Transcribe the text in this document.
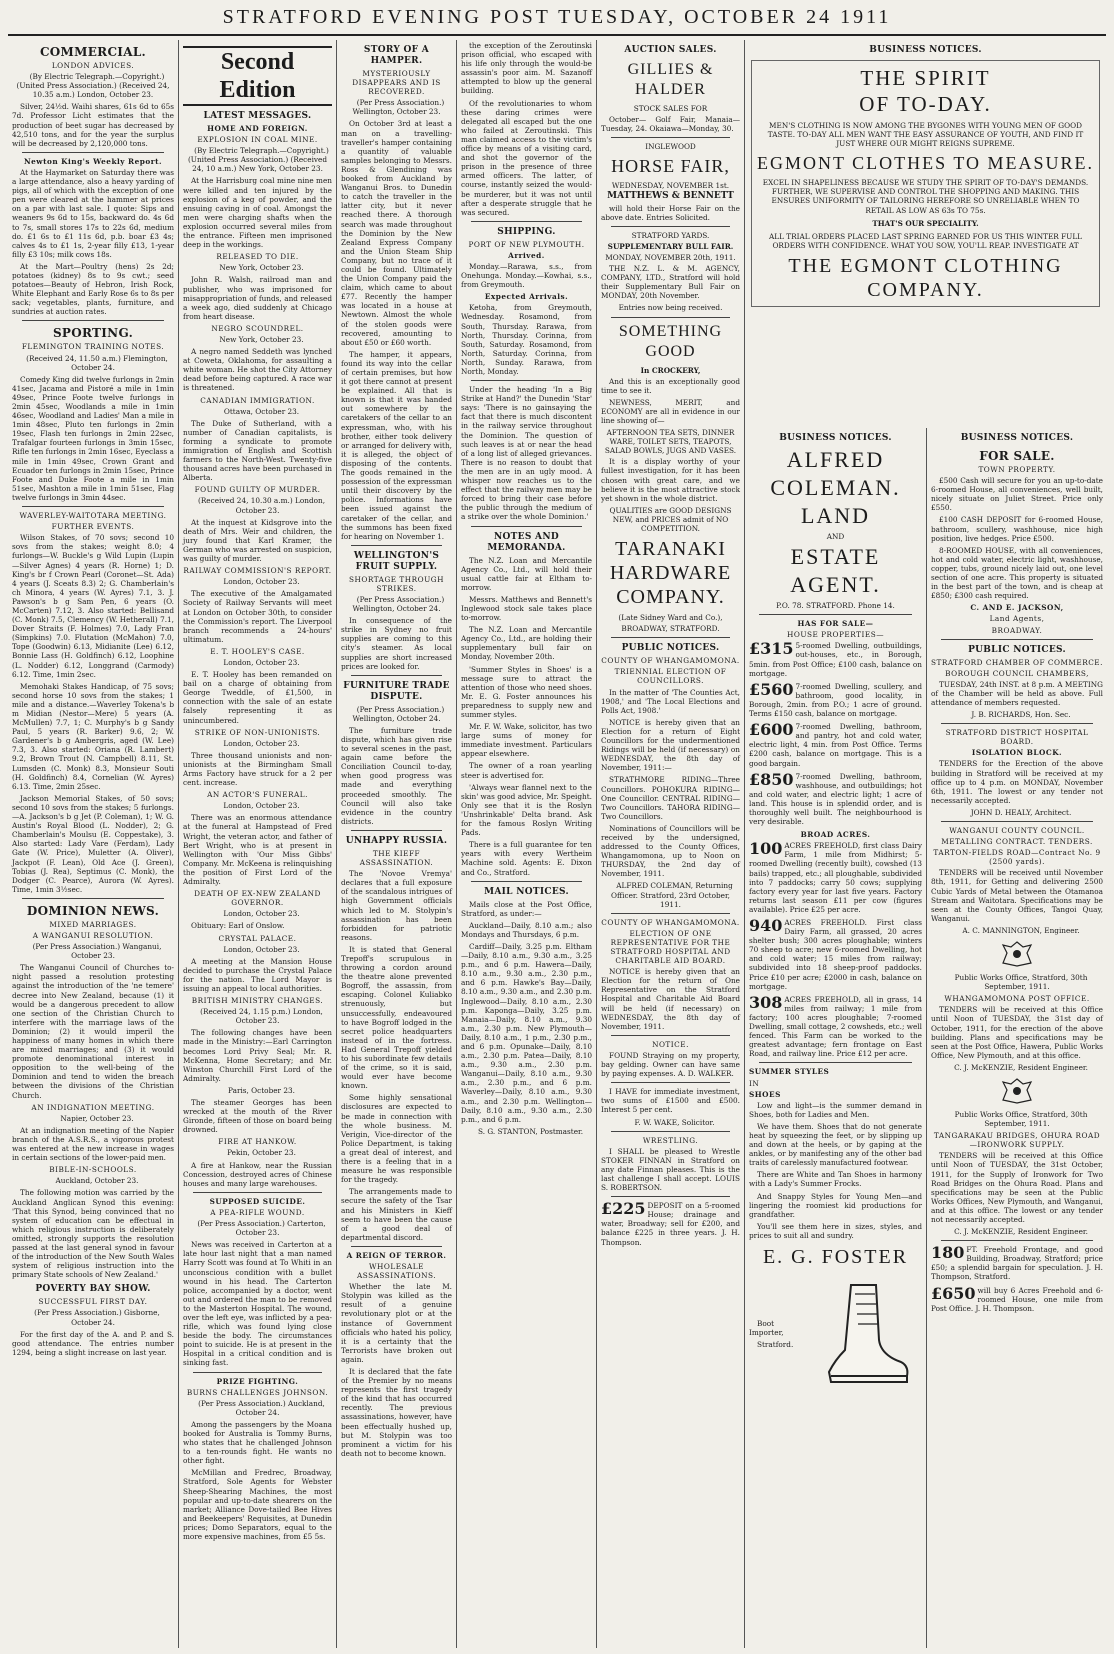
STRATFORD EVENING POST TUESDAY, OCTOBER 24 1911
COMMERCIAL.
LONDON ADVICES.
(By Electric Telegraph.—Copyright.) (United Press Association.) (Received 24, 10.35 a.m.) London, October 23.
Silver, 24½d. Waihi shares, 61s 6d to 65s 7d. Professor Licht estimates that the production of beet sugar has decreased by 42,510 tons, and for the year the surplus will be decreased by 2,120,000 tons.
Newton King's Weekly Report.
At the Haymarket on Saturday there was a large attendance, also a heavy yarding of pigs, all of which with the exception of one pen were cleared at the hammer at prices on a par with last sale. I quote: Sips and weaners 9s 6d to 15s, backward do. 4s 6d to 7s, small stores 17s to 22s 6d, medium do. £1 6s to £1 11s 6d, p.b. boar £3 4s; calves 4s to £1 1s, 2-year filly £13, 1-year filly £3 10s; milk cows 18s.
At the Mart—Poultry (hens) 2s 2d; potatoes (kidney) 8s to 9s cwt.; seed potatoes—Beauty of Hebron, Irish Rock, White Elephant and Early Rose 6s to 8s per sack; vegetables, plants, furniture, and sundries at auction rates.
SPORTING.
FLEMINGTON TRAINING NOTES.
(Received 24, 11.50 a.m.) Flemington, October 24.
Comedy King did twelve furlongs in 2min 41sec, Jacama and Pistoré a mile in 1min 49sec, Prince Foote twelve furlongs in 2min 45sec, Woodlands a mile in 1min 46sec, Woodland and Ladies' Man a mile in 1min 48sec, Pluto ten furlongs in 2min 19sec, Flash ten furlongs in 2min 22sec, Trafalgar fourteen furlongs in 3min 15sec, Rifle ten furlongs in 2min 16sec, Eyeclass a mile in 1min 49sec, Crown Grant and Ecuador ten furlongs in 2min 15sec, Prince Foote and Duke Foote a mile in 1min 51sec, Mashton a mile in 1min 51sec, Flag twelve furlongs in 3min 44sec.
WAVERLEY-WAITOTARA MEETING.
FURTHER EVENTS.
Wilson Stakes, of 70 sovs; second 10 sovs from the stakes; weight 8.0; 4 furlongs—W. Buckle's g Wild Lupin (Lupin—Silver Agnes) 4 years (R. Horne) 1; D. King's br f Crown Pearl (Coronet—St. Ada) 4 years (J. Sceats 8.3) 2; G. Chamberlain's ch Minora, 4 years (W. Ayres) 7.1, 3. J. Pawson's b g Sam Pen, 6 years (O. McCarten) 7.12, 3. Also started: Bellisand (C. Monk) 7.5, Clemency (W. Hetherall) 7.1, Dover Straits (F. Holmes) 7.0, Lady Fran (Simpkins) 7.0. Flutation (McMahon) 7.0, Tope (Goodwin) 6.13, Midianite (Lee) 6.12, Bonnie Lass (H. Goldfinch) 6.12, Loophine (L. Nodder) 6.12, Longgrand (Carmody) 6.12. Time, 1min 2sec.
Memohaki Stakes Handicap, of 75 sovs; second horse 10 sovs from the stakes; 1 mile and a distance.—Waverley Tokena's b m Midian (Nestor—Mere) 5 years (A. McMullen) 7.7, 1; C. Murphy's b g Sandy Paul, 5 years (R. Barker) 9.6, 2; W. Gardener's b g Ambergris, aged (W. Lee) 7.3, 3. Also started: Oriana (R. Lambert) 9.2, Brown Trout (N. Campbell) 8.11, St. Lumsden (C. Monk) 8.3, Monsieur Souti (H. Goldfinch) 8.4, Cornelian (W. Ayres) 6.13. Time, 2min 25sec.
Jackson Memorial Stakes, of 50 sovs; second 10 sovs from the stakes; 5 furlongs.—A. Jackson's b g Jet (P. Coleman), 1; W. G. Austin's Royal Blood (L. Nodder), 2; G. Chamberlain's Moulsu (E. Coppestake), 3. Also started: Lady Vare (Ferdam), Lady Gate (W. Price), Muletter (A. Oliver), Jackpot (F. Lean), Old Ace (J. Green), Tobias (J. Rea), Septimus (C. Monk), the Dodger (C. Pearce), Aurora (W. Ayres). Time, 1min 3½sec.
DOMINION NEWS.
MIXED MARRIAGES.
A WANGANUI RESOLUTION.
(Per Press Association.) Wanganui, October 23.
The Wanganui Council of Churches to-night passed a resolution protesting against the introduction of the 'ne temere' decree into New Zealand, because (1) it would be a dangerous precedent to allow one section of the Christian Church to interfere with the marriage laws of the Dominion; (2) it would imperil the happiness of many homes in which there are mixed marriages; and (3) it would promote denominational interest in opposition to the well-being of the Dominion and tend to widen the breach between the divisions of the Christian Church.
AN INDIGNATION MEETING.
Napier, October 23.
At an indignation meeting of the Napier branch of the A.S.R.S., a vigorous protest was entered at the new increase in wages in certain sections of the lower-paid men.
BIBLE-IN-SCHOOLS.
Auckland, October 23.
The following motion was carried by the Auckland Anglican Synod this evening: 'That this Synod, being convinced that no system of education can be effectual in which religious instruction is deliberately omitted, strongly supports the resolution passed at the last general synod in favour of the introduction of the New South Wales system of religious instruction into the primary State schools of New Zealand.'
POVERTY BAY SHOW.
SUCCESSFUL FIRST DAY.
(Per Press Association.) Gisborne, October 24.
For the first day of the A. and P. and S. good attendance. The entries number 1294, being a slight increase on last year.
Second Edition
LATEST MESSAGES.
HOME AND FOREIGN.
EXPLOSION IN COAL MINE.
(By Electric Telegraph.—Copyright.) (United Press Association.) (Received 24, 10 a.m.) New York, October 23.
At the Harrisburg coal mine nine men were killed and ten injured by the explosion of a keg of powder, and the ensuing caving in of coal. Amongst the men were charging shafts when the explosion occurred several miles from the entrance. Fifteen men imprisoned deep in the workings.
RELEASED TO DIE.
New York, October 23.
John R. Walsh, railroad man and publisher, who was imprisoned for misappropriation of funds, and released a week ago, died suddenly at Chicago from heart disease.
NEGRO SCOUNDREL.
New York, October 23.
A negro named Seddeth was lynched at Coweta, Oklahoma, for assaulting a white woman. He shot the City Attorney dead before being captured. A race war is threatened.
CANADIAN IMMIGRATION.
Ottawa, October 23.
The Duke of Sutherland, with a number of Canadian capitalists, is forming a syndicate to promote immigration of English and Scottish farmers to the North-West. Twenty-five thousand acres have been purchased in Alberta.
FOUND GUILTY OF MURDER.
(Received 24, 10.30 a.m.) London, October 23.
At the inquest at Kidsgrove into the death of Mrs. Weir and children, the jury found that Karl Kramer, the German who was arrested on suspicion, was guilty of murder.
RAILWAY COMMISSION'S REPORT.
London, October 23.
The executive of the Amalgamated Society of Railway Servants will meet at London on October 30th, to consider the Commission's report. The Liverpool branch recommends a 24-hours' ultimatum.
E. T. HOOLEY'S CASE.
London, October 23.
E. T. Hooley has been remanded on bail on a charge of obtaining from George Tweddle, of £1,500, in connection with the sale of an estate falsely representing it as unincumbered.
STRIKE OF NON-UNIONISTS.
London, October 23.
Three thousand unionists and non-unionists at the Birmingham Small Arms Factory have struck for a 2 per cent. increase.
AN ACTOR'S FUNERAL.
London, October 23.
There was an enormous attendance at the funeral at Hampstead of Fred Wright, the veteran actor, and father of Bert Wright, who is at present in Wellington with 'Our Miss Gibbs' Company. Mr. McKeena is relinquishing the position of First Lord of the Admiralty.
DEATH OF EX-NEW ZEALAND GOVERNOR.
London, October 23.
Obituary: Earl of Onslow.
CRYSTAL PALACE.
London, October 23.
A meeting at the Mansion House decided to purchase the Crystal Palace for the nation. The Lord Mayor is issuing an appeal to local authorities.
BRITISH MINISTRY CHANGES.
(Received 24, 1.15 p.m.) London, October 23.
The following changes have been made in the Ministry:—Earl Carrington becomes Lord Privy Seal; Mr. R. McKenna, Home Secretary; and Mr. Winston Churchill First Lord of the Admiralty.
Paris, October 23.
The steamer Georges has been wrecked at the mouth of the River Gironde, fifteen of those on board being drowned.
FIRE AT HANKOW.
Pekin, October 23.
A fire at Hankow, near the Russian Concession, destroyed acres of Chinese houses and many large warehouses.
SUPPOSED SUICIDE.
A PEA-RIFLE WOUND.
(Per Press Association.) Carterton, October 23.
News was received in Carterton at a late hour last night that a man named Harry Scott was found at To Whiti in an unconscious condition with a bullet wound in his head. The Carterton police, accompanied by a doctor, went out and ordered the man to be removed to the Masterton Hospital. The wound, over the left eye, was inflicted by a pea-rifle, which was found lying close beside the body. The circumstances point to suicide. He is at present in the Hospital in a critical condition and is sinking fast.
PRIZE FIGHTING.
BURNS CHALLENGES JOHNSON.
(Per Press Association.) Auckland, October 24.
Among the passengers by the Moana booked for Australia is Tommy Burns, who states that he challenged Johnson to a ten-rounds fight. He wants no other fight.
McMillan and Fredrec, Broadway, Stratford, Sole Agents for Webster Sheep-Shearing Machines, the most popular and up-to-date shearers on the market; Alliance Dove-tailed Bee Hives and Beekeepers' Requisites, at Dunedin prices; Domo Separators, equal to the more expensive machines, from £5 5s.
STORY OF A HAMPER.
MYSTERIOUSLY DISAPPEARS AND IS RECOVERED.
(Per Press Association.) Wellington, October 23.
On October 3rd at least a man on a travelling-traveller's hamper containing a quantity of valuable samples belonging to Messrs. Ross & Glendining was booked from Auckland by Wanganui Bros. to Dunedin to catch the traveller in the latter city, but it never reached there. A thorough search was made throughout the Dominion by the New Zealand Express Company and the Union Steam Ship Company, but no trace of it could be found. Ultimately the Union Company paid the claim, which came to about £77. Recently the hamper was located in a house at Newtown. Almost the whole of the stolen goods were recovered, amounting to about £50 or £60 worth.
The hamper, it appears, found its way into the cellar of certain premises, but how it got there cannot at present be explained. All that is known is that it was handed out somewhere by the caretakers of the cellar to an expressman, who, with his brother, either took delivery or arranged for delivery with, it is alleged, the object of disposing of the contents. The goods remained in the possession of the expressman until their discovery by the police. Informations have been issued against the caretaker of the cellar, and the summons has been fixed for hearing on November 1.
WELLINGTON'S FRUIT SUPPLY.
SHORTAGE THROUGH STRIKES.
(Per Press Association.) Wellington, October 24.
In consequence of the strike in Sydney no fruit supplies are coming to this city's steamer. As local supplies are short increased prices are looked for.
FURNITURE TRADE DISPUTE.
(Per Press Association.) Wellington, October 24.
The furniture trade dispute, which has given rise to several scenes in the past, again came before the Conciliation Council to-day, when good progress was made and everything proceeded smoothly. The Council will also take evidence in the country districts.
UNHAPPY RUSSIA.
THE KIEFF ASSASSINATION.
The 'Novoe Vremya' declares that a full exposure of the scandalous intrigues of high Government officials which led to M. Stolypin's assassination has been forbidden for patriotic reasons.
It is stated that General Trepoff's scrupulous in throwing a cordon around the theatre alone prevented Bogroff, the assassin, from escaping. Colonel Kuliabko strenuously, but unsuccessfully, endeavoured to have Bogroff lodged in the secret police headquarters instead of in the fortress. Had General Trepoff yielded to his subordinate few details of the crime, so it is said, would ever have become known.
Some highly sensational disclosures are expected to be made in connection with the whole business. M. Verigin, Vice-director of the Police Department, is taking a great deal of interest, and there is a feeling that in a measure he was responsible for the tragedy.
The arrangements made to secure the safety of the Tsar and his Ministers in Kieff seem to have been the cause of a good deal of departmental discord.
A REIGN OF TERROR.
WHOLESALE ASSASSINATIONS.
Whether the late M. Stolypin was killed as the result of a genuine revolutionary plot or at the instance of Government officials who hated his policy, it is a certainty that the Terrorists have broken out again.
It is declared that the fate of the Premier by no means represents the first tragedy of the kind that has occurred recently. The previous assassinations, however, have been effectually hushed up, but M. Stolypin was too prominent a victim for his death not to become known.
the exception of the Zeroutinski prison official, who escaped with his life only through the would-be assassin's poor aim. M. Sazanoff attempted to blow up the general building.
Of the revolutionaries to whom these daring crimes were delegated all escaped but the one who failed at Zeroutinski. This man claimed access to the victim's office by means of a visiting card, and shot the governor of the prison in the presence of three armed officers. The latter, of course, instantly seized the would-be murderer, but it was not until after a desperate struggle that he was secured.
SHIPPING.
PORT OF NEW PLYMOUTH.
Arrived.
Monday.—Rarawa, s.s., from Onehunga. Monday.—Kowhai, s.s., from Greymouth.
Expected Arrivals.
Ketoha, from Greymouth, Wednesday. Rosamond, from South, Thursday. Rarawa, from North, Thursday. Corinna, from South, Saturday. Rosamond, from North, Saturday. Corinna, from North, Sunday. Rarawa, from North, Monday.
Under the heading 'In a Big Strike at Hand?' the Dunedin 'Star' says: 'There is no gainsaying the fact that there is much discontent in the railway service throughout the Dominion. The question of such leaves is at or near the head of a long list of alleged grievances. There is no reason to doubt that the men are in an ugly mood. A whisper now reaches us to the effect that the railway men may be forced to bring their case before the public through the medium of a strike over the whole Dominion.'
NOTES AND MEMORANDA.
The N.Z. Loan and Mercantile Agency Co., Ltd., will hold their usual cattle fair at Eltham to-morrow.
Messrs. Matthews and Bennett's Inglewood stock sale takes place to-morrow.
The N.Z. Loan and Mercantile Agency Co., Ltd., are holding their supplementary bull fair on Monday, November 20th.
'Summer Styles in Shoes' is a message sure to attract the attention of those who need shoes. Mr. E. G. Foster announces his preparedness to supply new and summer styles.
Mr. F. W. Wake, solicitor, has two large sums of money for immediate investment. Particulars appear elsewhere.
The owner of a roan yearling steer is advertised for.
'Always wear flannel next to the skin' was good advice, Mr. Speight. Only see that it is the Roslyn 'Unshrinkable' Delta brand. Ask for the famous Roslyn Writing Pads.
There is a full guarantee for ten years with every Wertheim Machine sold. Agents: E. Dixon and Co., Stratford.
MAIL NOTICES.
Mails close at the Post Office, Stratford, as under:—
Auckland—Daily, 8.10 a.m.; also Mondays and Thursdays, 6 p.m.
Cardiff—Daily, 3.25 p.m. Eltham—Daily, 8.10 a.m., 9.30 a.m., 3.25 p.m., and 6 p.m. Hawera—Daily, 8.10 a.m., 9.30 a.m., 2.30 p.m., and 6 p.m. Hawke's Bay—Daily, 8.10 a.m., 9.30 a.m., and 2.30 p.m. Inglewood—Daily, 8.10 a.m., 2.30 p.m. Kaponga—Daily, 3.25 p.m. Manaia—Daily, 8.10 a.m., 9.30 a.m., 2.30 p.m. New Plymouth—Daily, 8.10 a.m., 1 p.m., 2.30 p.m., and 6 p.m. Opunake—Daily, 8.10 a.m., 2.30 p.m. Patea—Daily, 8.10 a.m., 9.30 a.m., 2.30 p.m. Wanganui—Daily, 8.10 a.m., 9.30 a.m., 2.30 p.m., and 6 p.m. Waverley—Daily, 8.10 a.m., 9.30 a.m., and 2.30 p.m. Wellington—Daily, 8.10 a.m., 9.30 a.m., 2.30 p.m., and 6 p.m.
S. G. STANTON, Postmaster.
AUCTION SALES.
GILLIES & HALDER
STOCK SALES FOR
October— Golf Fair, Manaia—Tuesday, 24. Okaiawa—Monday, 30.
INGLEWOOD
HORSE FAIR,
WEDNESDAY, NOVEMBER 1st.
MATTHEWS & BENNETT
will hold their Horse Fair on the above date. Entries Solicited.
STRATFORD YARDS.
SUPPLEMENTARY BULL FAIR.
MONDAY, NOVEMBER 20th, 1911.
THE N.Z. L. & M. AGENCY, COMPANY, LTD., Stratford will hold their Supplementary Bull Fair on MONDAY, 20th November.
Entries now being received.
SOMETHING GOOD
In CROCKERY,
And this is an exceptionally good time to see it.
NEWNESS, MERIT, and ECONOMY are all in evidence in our line showing of—
AFTERNOON TEA SETS, DINNER WARE, TOILET SETS, TEAPOTS, SALAD BOWLS, JUGS AND VASES.
It is a display worthy of your fullest investigation, for it has been chosen with great care, and we believe it is the most attractive stock yet shown in the whole district.
QUALITIES are GOOD DESIGNS NEW, and PRICES admit of NO COMPETITION.
TARANAKI HARDWARE COMPANY.
(Late Sidney Ward and Co.),
BROADWAY, STRATFORD.
PUBLIC NOTICES.
COUNTY OF WHANGAMOMONA.
TRIENNIAL ELECTION OF COUNCILLORS.
In the matter of 'The Counties Act, 1908,' and 'The Local Elections and Polls Act, 1908.'
NOTICE is hereby given that an Election for a return of Eight Councillors for the undermentioned Ridings will be held (if necessary) on WEDNESDAY, the 8th day of November, 1911:—
STRATHMORE RIDING—Three Councillors. POHOKURA RIDING—One Councillor. CENTRAL RIDING—Two Councillors. TAHORA RIDING—Two Councillors.
Nominations of Councillors will be received by the undersigned, addressed to the County Offices, Whangamomona, up to Noon on THURSDAY, the 2nd day of November, 1911.
ALFRED COLEMAN, Returning Officer. Stratford, 23rd October, 1911.
COUNTY OF WHANGAMOMONA.
ELECTION OF ONE REPRESENTATIVE FOR THE STRATFORD HOSPITAL AND CHARITABLE AID BOARD.
NOTICE is hereby given that an Election for the return of One Representative on the Stratford Hospital and Charitable Aid Board will be held (if necessary) on WEDNESDAY, the 8th day of November, 1911.
NOTICE.
FOUND Straying on my property, bay gelding. Owner can have same by paying expenses. A. D. WALKER.
I HAVE for immediate investment, two sums of £1500 and £500. Interest 5 per cent.
F. W. WAKE, Solicitor.
WRESTLING.
I SHALL be pleased to Wrestle STOKER FINNAN in Stratford on any date Finnan pleases. This is the last challenge I shall accept. LOUIS S. ROBERTSON.
£225 DEPOSIT on a 5-roomed House; drainage and water, Broadway; sell for £200, and balance £225 in three years. J. H. Thompson.
BUSINESS NOTICES.
THE SPIRIT
OF TO-DAY.
MEN'S CLOTHING IS NOW AMONG THE BYGONES WITH YOUNG MEN OF GOOD TASTE. TO-DAY ALL MEN WANT THE EASY ASSURANCE OF YOUTH, AND FIND IT JUST WHERE OUR MIGHT REIGNS SUPREME.
EGMONT CLOTHES TO MEASURE.
EXCEL IN SHAPELINESS BECAUSE WE STUDY THE SPIRIT OF TO-DAY'S DEMANDS. FURTHER, WE SUPERVISE AND CONTROL THE SHOPPING AND MAKING. THIS ENSURES UNIFORMITY OF TAILORING HEREFORE SO UNRELIABLE WHEN TO RETAIL AS LOW AS 63s TO 75s.
THAT'S OUR SPECIALITY.
ALL TRIAL ORDERS PLACED LAST SPRING EARNED FOR US THIS WINTER FULL ORDERS WITH CONFIDENCE. WHAT YOU SOW, YOU'LL REAP. INVESTIGATE AT
THE EGMONT CLOTHING COMPANY.
BUSINESS NOTICES.
ALFRED COLEMAN.
LAND
AND
ESTATE
AGENT.
P.O. 78. STRATFORD. Phone 14.
HAS FOR SALE—
HOUSE PROPERTIES—
£315 5-roomed Dwelling, outbuildings, out-houses, etc., in Borough, 5min. from Post Office; £100 cash, balance on mortgage.
£560 7-roomed Dwelling, scullery, and bathroom, good locality, in Borough, 2min. from P.O.; 1 acre of ground. Terms £150 cash, balance on mortgage.
£600 7-roomed Dwelling, bathroom, and pantry, hot and cold water, electric light, 4 min. from Post Office. Terms £200 cash, balance on mortgage. This is a good bargain.
£850 7-roomed Dwelling, bathroom, washhouse, and outbuildings; hot and cold water, and electric light; 1 acre of land. This house is in splendid order, and is thoroughly well built. The neighbourhood is very desirable.
BROAD ACRES.
100 ACRES FREEHOLD, first class Dairy Farm, 1 mile from Midhirst; 5-roomed Dwelling (recently built), cowshed (13 bails) trapped, etc.; all ploughable, subdivided into 7 paddocks; carry 50 cows; supplying factory every year for last five years. Factory returns last season £11 per cow (figures available). Price £25 per acre.
940 ACRES FREEHOLD. First class Dairy Farm, all grassed, 20 acres shelter bush; 300 acres ploughable; winters 70 sheep to acre; new 6-roomed Dwelling, hot and cold water; 15 miles from railway; subdivided into 18 sheep-proof paddocks. Price £10 per acre; £2000 in cash, balance on mortgage.
308 ACRES FREEHOLD, all in grass, 14 miles from railway; 1 mile from factory; 100 acres ploughable; 7-roomed Dwelling, small cottage, 2 cowsheds, etc.; well fenced. This Farm can be worked to the greatest advantage; fern frontage on East Road, and railway line. Price £12 per acre.
SUMMER STYLES
IN
SHOES
Low and light—is the summer demand in Shoes, both for Ladies and Men.
We have them. Shoes that do not generate heat by squeezing the feet, or by slipping up and down at the heels, or by gaping at the ankles, or by manifesting any of the other bad traits of carelessly manufactured footwear.
There are White and Tan Shoes in harmony with a Lady's Summer Frocks.
And Snappy Styles for Young Men—and lingering the roomiest kid productions for grandfather.
You'll see them here in sizes, styles, and prices to suit all and sundry.
E. G. FOSTER
Boot Importer,
Stratford.
BUSINESS NOTICES.
FOR SALE.
TOWN PROPERTY.
£500 Cash will secure for you an up-to-date 6-roomed House, all conveniences, well built, nicely situate on Juliet Street. Price only £550.
£100 CASH DEPOSIT for 6-roomed House, bathroom, scullery, washhouse, nice high position, live hedges. Price £500.
8-ROOMED HOUSE, with all conveniences, hot and cold water, electric light, washhouse, copper, tubs, ground nicely laid out, one level section of one acre. This property is situated in the best part of the town, and is cheap at £850; £300 cash required.
C. AND E. JACKSON,
Land Agents,
BROADWAY.
PUBLIC NOTICES.
STRATFORD CHAMBER OF COMMERCE.
BOROUGH COUNCIL CHAMBERS,
TUESDAY, 24th INST. at 8 p.m. A MEETING of the Chamber will be held as above. Full attendance of members requested.
J. B. RICHARDS, Hon. Sec.
STRATFORD DISTRICT HOSPITAL BOARD.
ISOLATION BLOCK.
TENDERS for the Erection of the above building in Stratford will be received at my office up to 4 p.m. on MONDAY, November 6th, 1911. The lowest or any tender not necessarily accepted.
JOHN D. HEALY, Architect.
WANGANUI COUNTY COUNCIL.
METALLING CONTRACT. TENDERS.
TARTON-FIELDS ROAD—Contract No. 9 (2500 yards).
TENDERS will be received until November 8th, 1911, for Getting and delivering 2500 Cubic Yards of Metal between the Otamanoa Stream and Waitotara. Specifications may be seen at the County Offices, Tangoi Quay, Wanganui.
A. C. MANNINGTON, Engineer.
Public Works Office, Stratford, 30th September, 1911.
WHANGAMOMONA POST OFFICE.
TENDERS will be received at this Office until Noon of TUESDAY, the 31st day of October, 1911, for the erection of the above building. Plans and specifications may be seen at the Post Office, Hawera, Public Works Office, New Plymouth, and at this office.
C. J. McKENZIE, Resident Engineer.
Public Works Office, Stratford, 30th September, 1911.
TANGARAKAU BRIDGES, OHURA ROAD—IRONWORK SUPPLY.
TENDERS will be received at this Office until Noon of TUESDAY, the 31st October, 1911, for the Supply of Ironwork for Two Road Bridges on the Ohura Road. Plans and specifications may be seen at the Public Works Offices, New Plymouth, and Wanganui, and at this office. The lowest or any tender not necessarily accepted.
C. J. McKENZIE, Resident Engineer.
180 FT. Freehold Frontage, and good Building, Broadway, Stratford; price £50; a splendid bargain for speculation. J. H. Thompson, Stratford.
£650 will buy 6 Acres Freehold and 6-roomed House, one mile from Post Office. J. H. Thompson.
